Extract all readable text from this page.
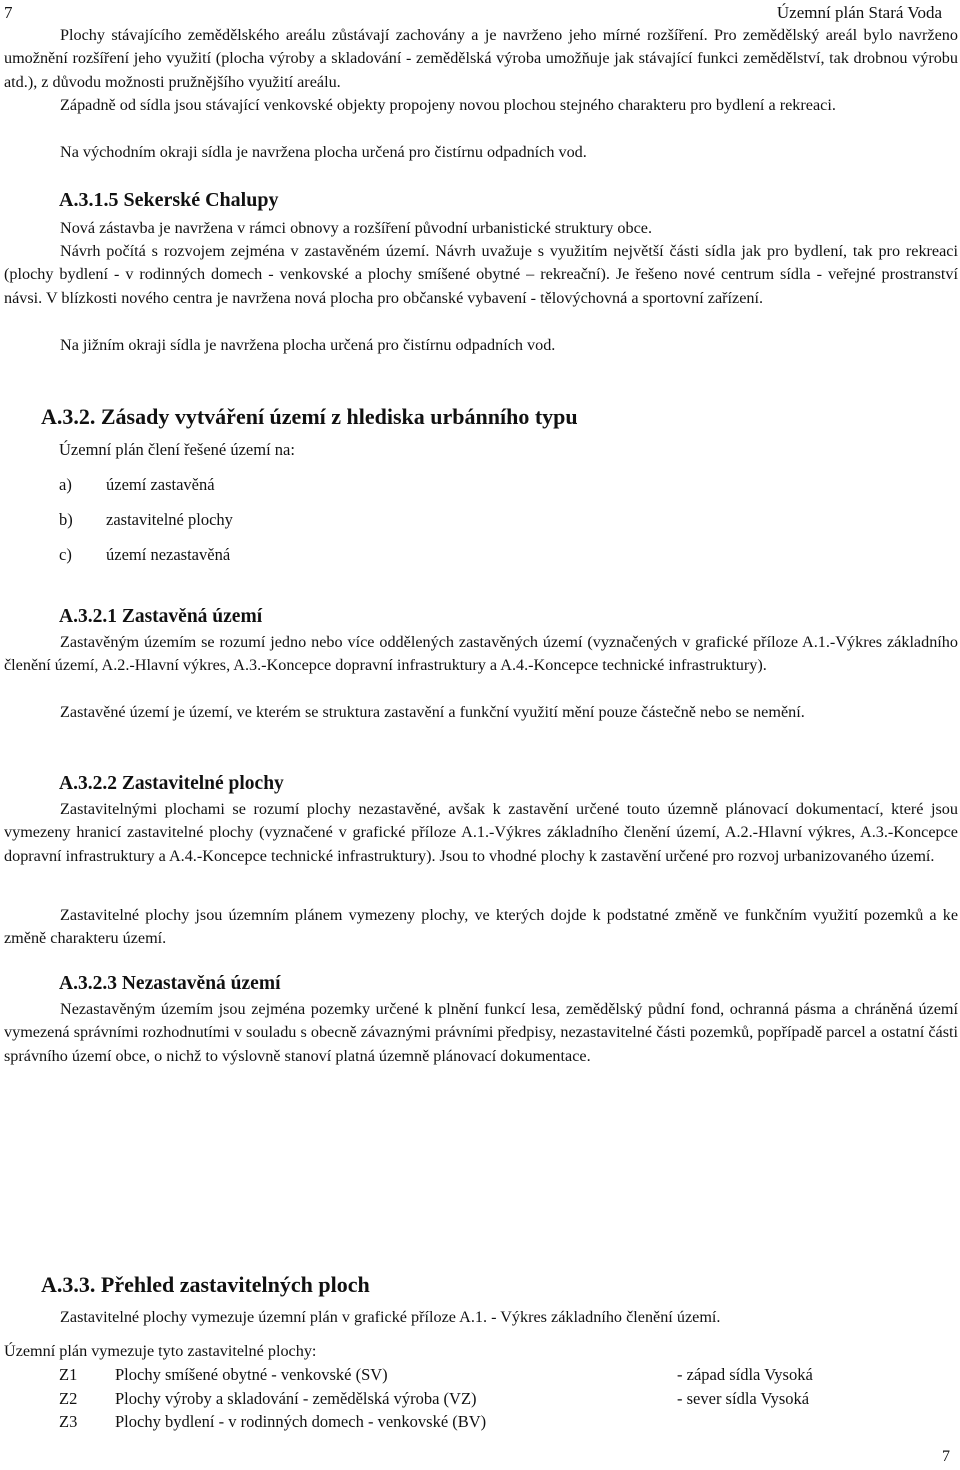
7	Územní plán Stará Voda

Plochy stávajícího zemědělského areálu zůstávají zachovány a je navrženo jeho mírné rozšíření. Pro zemědělský areál bylo navrženo umožnění rozšíření jeho využití (plocha výroby a skladování - zemědělská výroba umožňuje jak stávající funkci zemědělství, tak drobnou výrobu atd.), z důvodu možnosti pružnějšího využití areálu.

Západně od sídla jsou stávající venkovské objekty propojeny novou plochou stejného charakteru pro bydlení a rekreaci.

Na východním okraji sídla je navržena plocha určená pro čistírnu odpadních vod.

A.3.1.5 Sekerské Chalupy

Nová zástavba je navržena v rámci obnovy a rozšíření původní urbanistické struktury obce.

Návrh počítá s rozvojem zejména v zastavěném území. Návrh uvažuje s využitím největší části sídla jak pro bydlení, tak pro rekreaci (plochy bydlení - v rodinných domech - venkovské a plochy smíšené obytné – rekreační). Je řešeno nové centrum sídla - veřejné prostranství návsi. V blízkosti nového centra je navržena nová plocha pro občanské vybavení - tělovýchovná a sportovní zařízení.

Na jižním okraji sídla je navržena plocha určená pro čistírnu odpadních vod.

A.3.2. Zásady vytváření území z hlediska urbánního typu
Územní plán člení řešené území na:
a) území zastavěná
b) zastavitelné plochy
c) území nezastavěná
A.3.2.1 Zastavěná území

Zastavěným územím se rozumí jedno nebo více oddělených zastavěných území (vyznačených v grafické příloze A.1.-Výkres základního členění území, A.2.-Hlavní výkres, A.3.-Koncepce dopravní infrastruktury a A.4.-Koncepce technické infrastruktury).

Zastavěné území je území, ve kterém se struktura zastavění a funkční využití mění pouze částečně nebo se nemění.

A.3.2.2 Zastavitelné plochy

Zastavitelnými plochami se rozumí plochy nezastavěné, avšak k zastavění určené touto územně plánovací dokumentací, které jsou vymezeny hranicí zastavitelné plochy (vyznačené v grafické příloze A.1.-Výkres základního členění území, A.2.-Hlavní výkres, A.3.-Koncepce dopravní infrastruktury a A.4.-Koncepce technické infrastruktury). Jsou to vhodné plochy k zastavění určené pro rozvoj urbanizovaného území.

Zastavitelné plochy jsou územním plánem vymezeny plochy, ve kterých dojde k podstatné změně ve funkčním využití pozemků a ke změně charakteru území.

A.3.2.3 Nezastavěná území

Nezastavěným územím jsou zejména pozemky určené k plnění funkcí lesa, zemědělský půdní fond, ochranná pásma a chráněná území vymezená správními rozhodnutími v souladu s obecně závaznými právními předpisy, nezastavitelné části pozemků, popřípadě parcel a ostatní části správního území obce, o nichž to výslovně stanoví platná územně plánovací dokumentace.

A.3.3. Přehled zastavitelných ploch

Zastavitelné plochy vymezuje územní plán v grafické příloze A.1. - Výkres základního členění území.

Územní plán vymezuje tyto zastavitelné plochy:

Z1 Plochy smíšené obytné - venkovské (SV)	- západ sídla Vysoká
Z2 Plochy výroby a skladování - zemědělská výroba (VZ)	- sever sídla Vysoká
Z3 Plochy bydlení - v rodinných domech - venkovské (BV)
7
